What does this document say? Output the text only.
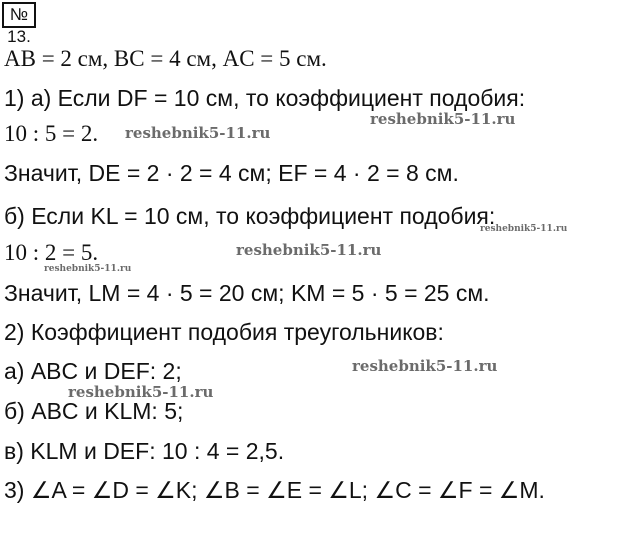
№ 13.
AB = 2 см, BC = 4 см, AC = 5 см.
1) а) Если DF = 10 см, то коэффициент подобия:
10 : 5 = 2.
Значит, DE = 2 · 2 = 4 см; EF = 4 · 2 = 8 см.
б) Если KL = 10 см, то коэффициент подобия:
10 : 2 = 5.
Значит, LM = 4 · 5 = 20 см; KM = 5 · 5 = 25 см.
2) Коэффициент подобия треугольников:
а) ABC и DEF: 2;
б) ABC и KLM: 5;
в) KLM и DEF: 10 : 4 = 2,5.
3) ∠A = ∠D = ∠K; ∠B = ∠E = ∠L; ∠C = ∠F = ∠M.
reshebnik5-11.ru
reshebnik5-11.ru
reshebnik5-11.ru
reshebnik5-11.ru
reshebnik5-11.ru
reshebnik5-11.ru
reshebnik5-11.ru
